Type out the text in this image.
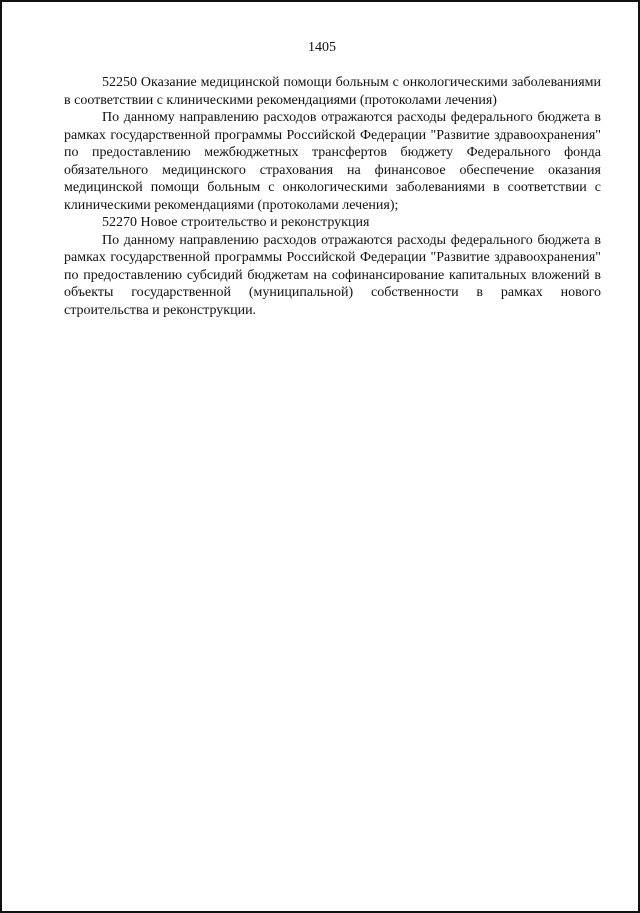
1405

52250 Оказание медицинской помощи больным с онкологическими заболеваниями в соответствии с клиническими рекомендациями (протоколами лечения)

По данному направлению расходов отражаются расходы федерального бюджета в рамках государственной программы Российской Федерации "Развитие здравоохранения" по предоставлению межбюджетных трансфертов бюджету Федерального фонда обязательного медицинского страхования на финансовое обеспечение оказания медицинской помощи больным с онкологическими заболеваниями в соответствии с клиническими рекомендациями (протоколами лечения);

52270 Новое строительство и реконструкция

По данному направлению расходов отражаются расходы федерального бюджета в рамках государственной программы Российской Федерации "Развитие здравоохранения" по предоставлению субсидий бюджетам на софинансирование капитальных вложений в объекты государственной (муниципальной) собственности в рамках нового строительства и реконструкции.
